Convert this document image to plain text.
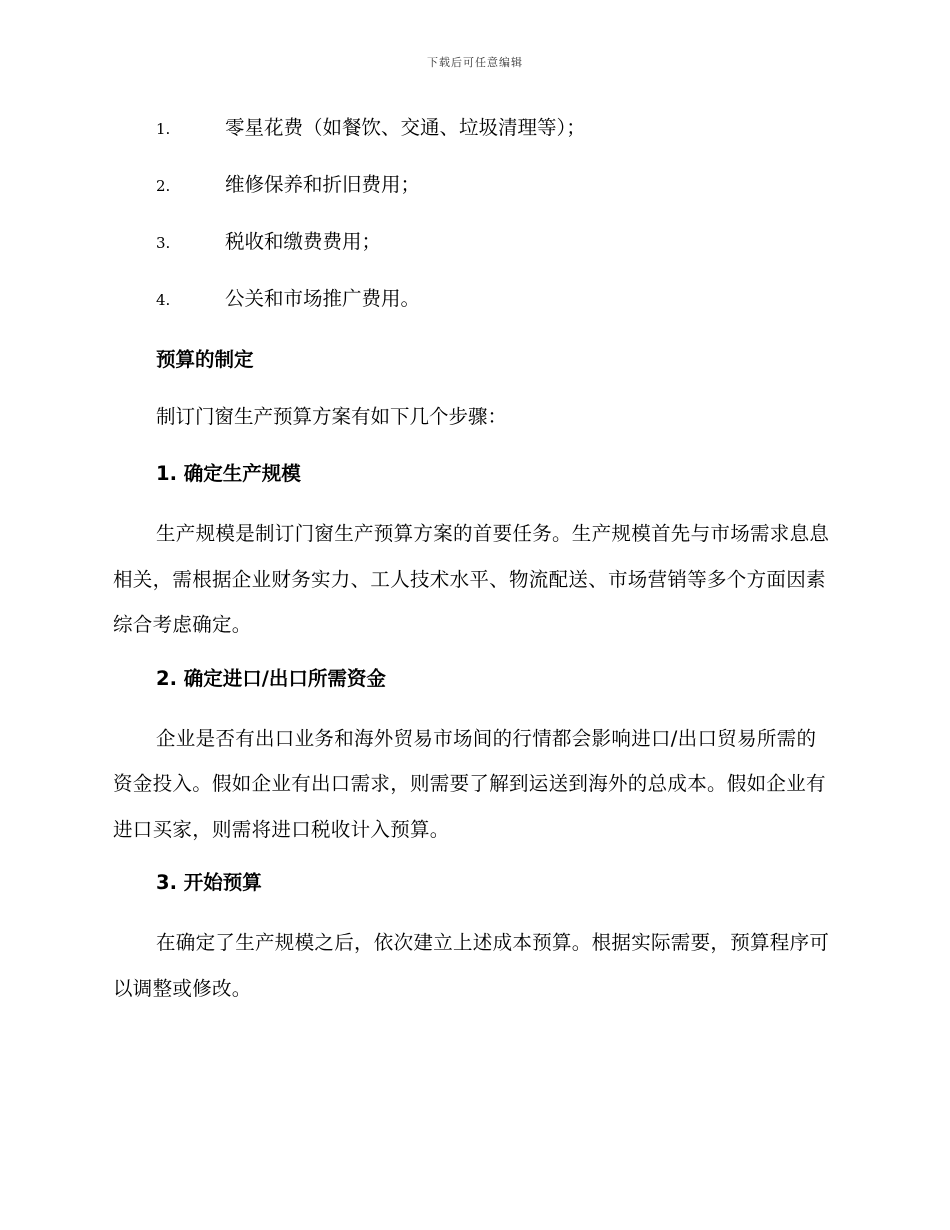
下载后可任意编辑
1.	零星花费（如餐饮、交通、垃圾清理等）；
2.	维修保养和折旧费用；
3.	税收和缴费费用；
4.	公关和市场推广费用。
预算的制定
制订门窗生产预算方案有如下几个步骤：
1. 确定生产规模

生产规模是制订门窗生产预算方案的首要任务。生产规模首先与市场需求息息相关，需根据企业财务实力、工人技术水平、物流配送、市场营销等多个方面因素综合考虑确定。

2. 确定进口/出口所需资金

企业是否有出口业务和海外贸易市场间的行情都会影响进口/出口贸易所需的资金投入。假如企业有出口需求，则需要了解到运送到海外的总成本。假如企业有进口买家，则需将进口税收计入预算。

3. 开始预算

在确定了生产规模之后，依次建立上述成本预算。根据实际需要，预算程序可以调整或修改。
